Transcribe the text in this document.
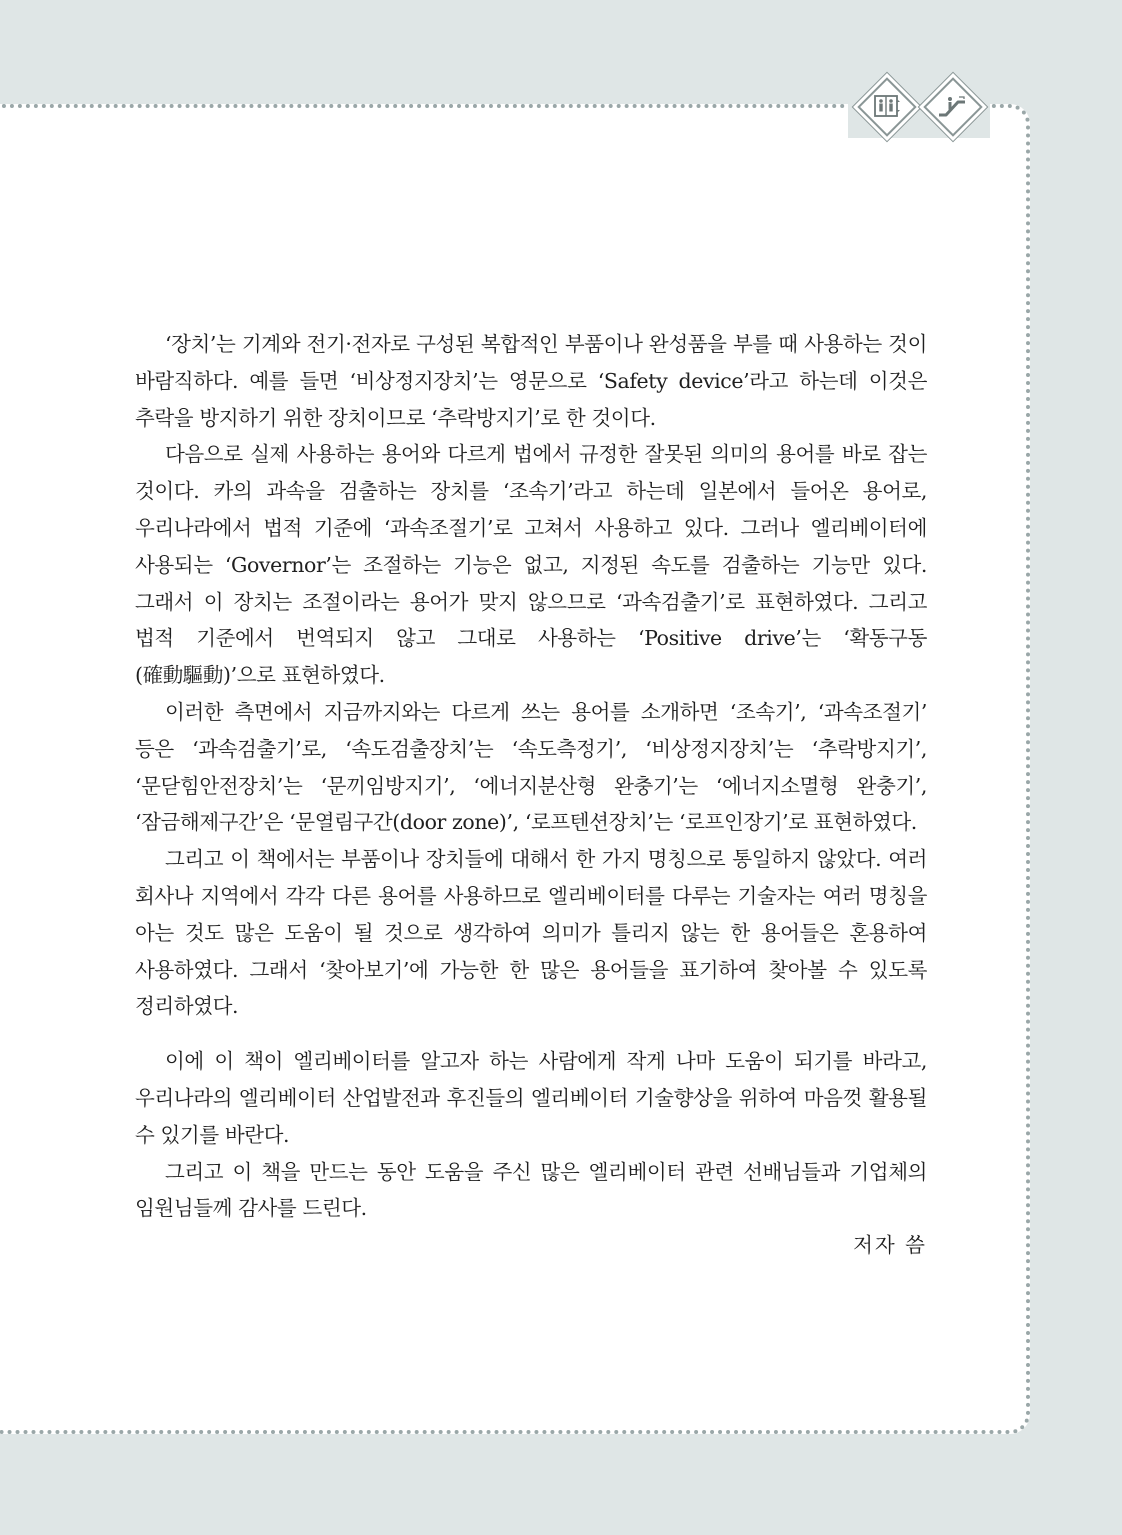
‘장치’는 기계와 전기·전자로 구성된 복합적인 부품이나 완성품을 부를 때 사용하는 것이 바람직하다. 예를 들면 ‘비상정지장치’는 영문으로 ‘Safety device’라고 하는데 이것은 추락을 방지하기 위한 장치이므로 ‘추락방지기’로 한 것이다.

다음으로 실제 사용하는 용어와 다르게 법에서 규정한 잘못된 의미의 용어를 바로 잡는 것이다. 카의 과속을 검출하는 장치를 ‘조속기’라고 하는데 일본에서 들어온 용어로, 우리나라에서 법적 기준에 ‘과속조절기’로 고쳐서 사용하고 있다. 그러나 엘리베이터에 사용되는 ‘Governor’는 조절하는 기능은 없고, 지정된 속도를 검출하는 기능만 있다. 그래서 이 장치는 조절이라는 용어가 맞지 않으므로 ‘과속검출기’로 표현하였다. 그리고 법적 기준에서 번역되지 않고 그대로 사용하는 ‘Positive drive’는 ‘확동구동(確動驅動)’으로 표현하였다.

이러한 측면에서 지금까지와는 다르게 쓰는 용어를 소개하면 ‘조속기’, ‘과속조절기’ 등은 ‘과속검출기’로, ‘속도검출장치’는 ‘속도측정기’, ‘비상정지장치’는 ‘추락방지기’, ‘문닫힘안전장치’는 ‘문끼임방지기’, ‘에너지분산형 완충기’는 ‘에너지소멸형 완충기’, ‘잠금해제구간’은 ‘문열림구간(door zone)’, ‘로프텐션장치’는 ‘로프인장기’로 표현하였다.

그리고 이 책에서는 부품이나 장치들에 대해서 한 가지 명칭으로 통일하지 않았다. 여러 회사나 지역에서 각각 다른 용어를 사용하므로 엘리베이터를 다루는 기술자는 여러 명칭을 아는 것도 많은 도움이 될 것으로 생각하여 의미가 틀리지 않는 한 용어들은 혼용하여 사용하였다. 그래서 ‘찾아보기’에 가능한 한 많은 용어들을 표기하여 찾아볼 수 있도록 정리하였다.

이에 이 책이 엘리베이터를 알고자 하는 사람에게 작게 나마 도움이 되기를 바라고, 우리나라의 엘리베이터 산업발전과 후진들의 엘리베이터 기술향상을 위하여 마음껏 활용될 수 있기를 바란다.

그리고 이 책을 만드는 동안 도움을 주신 많은 엘리베이터 관련 선배님들과 기업체의 임원님들께 감사를 드린다.

저자 씀
